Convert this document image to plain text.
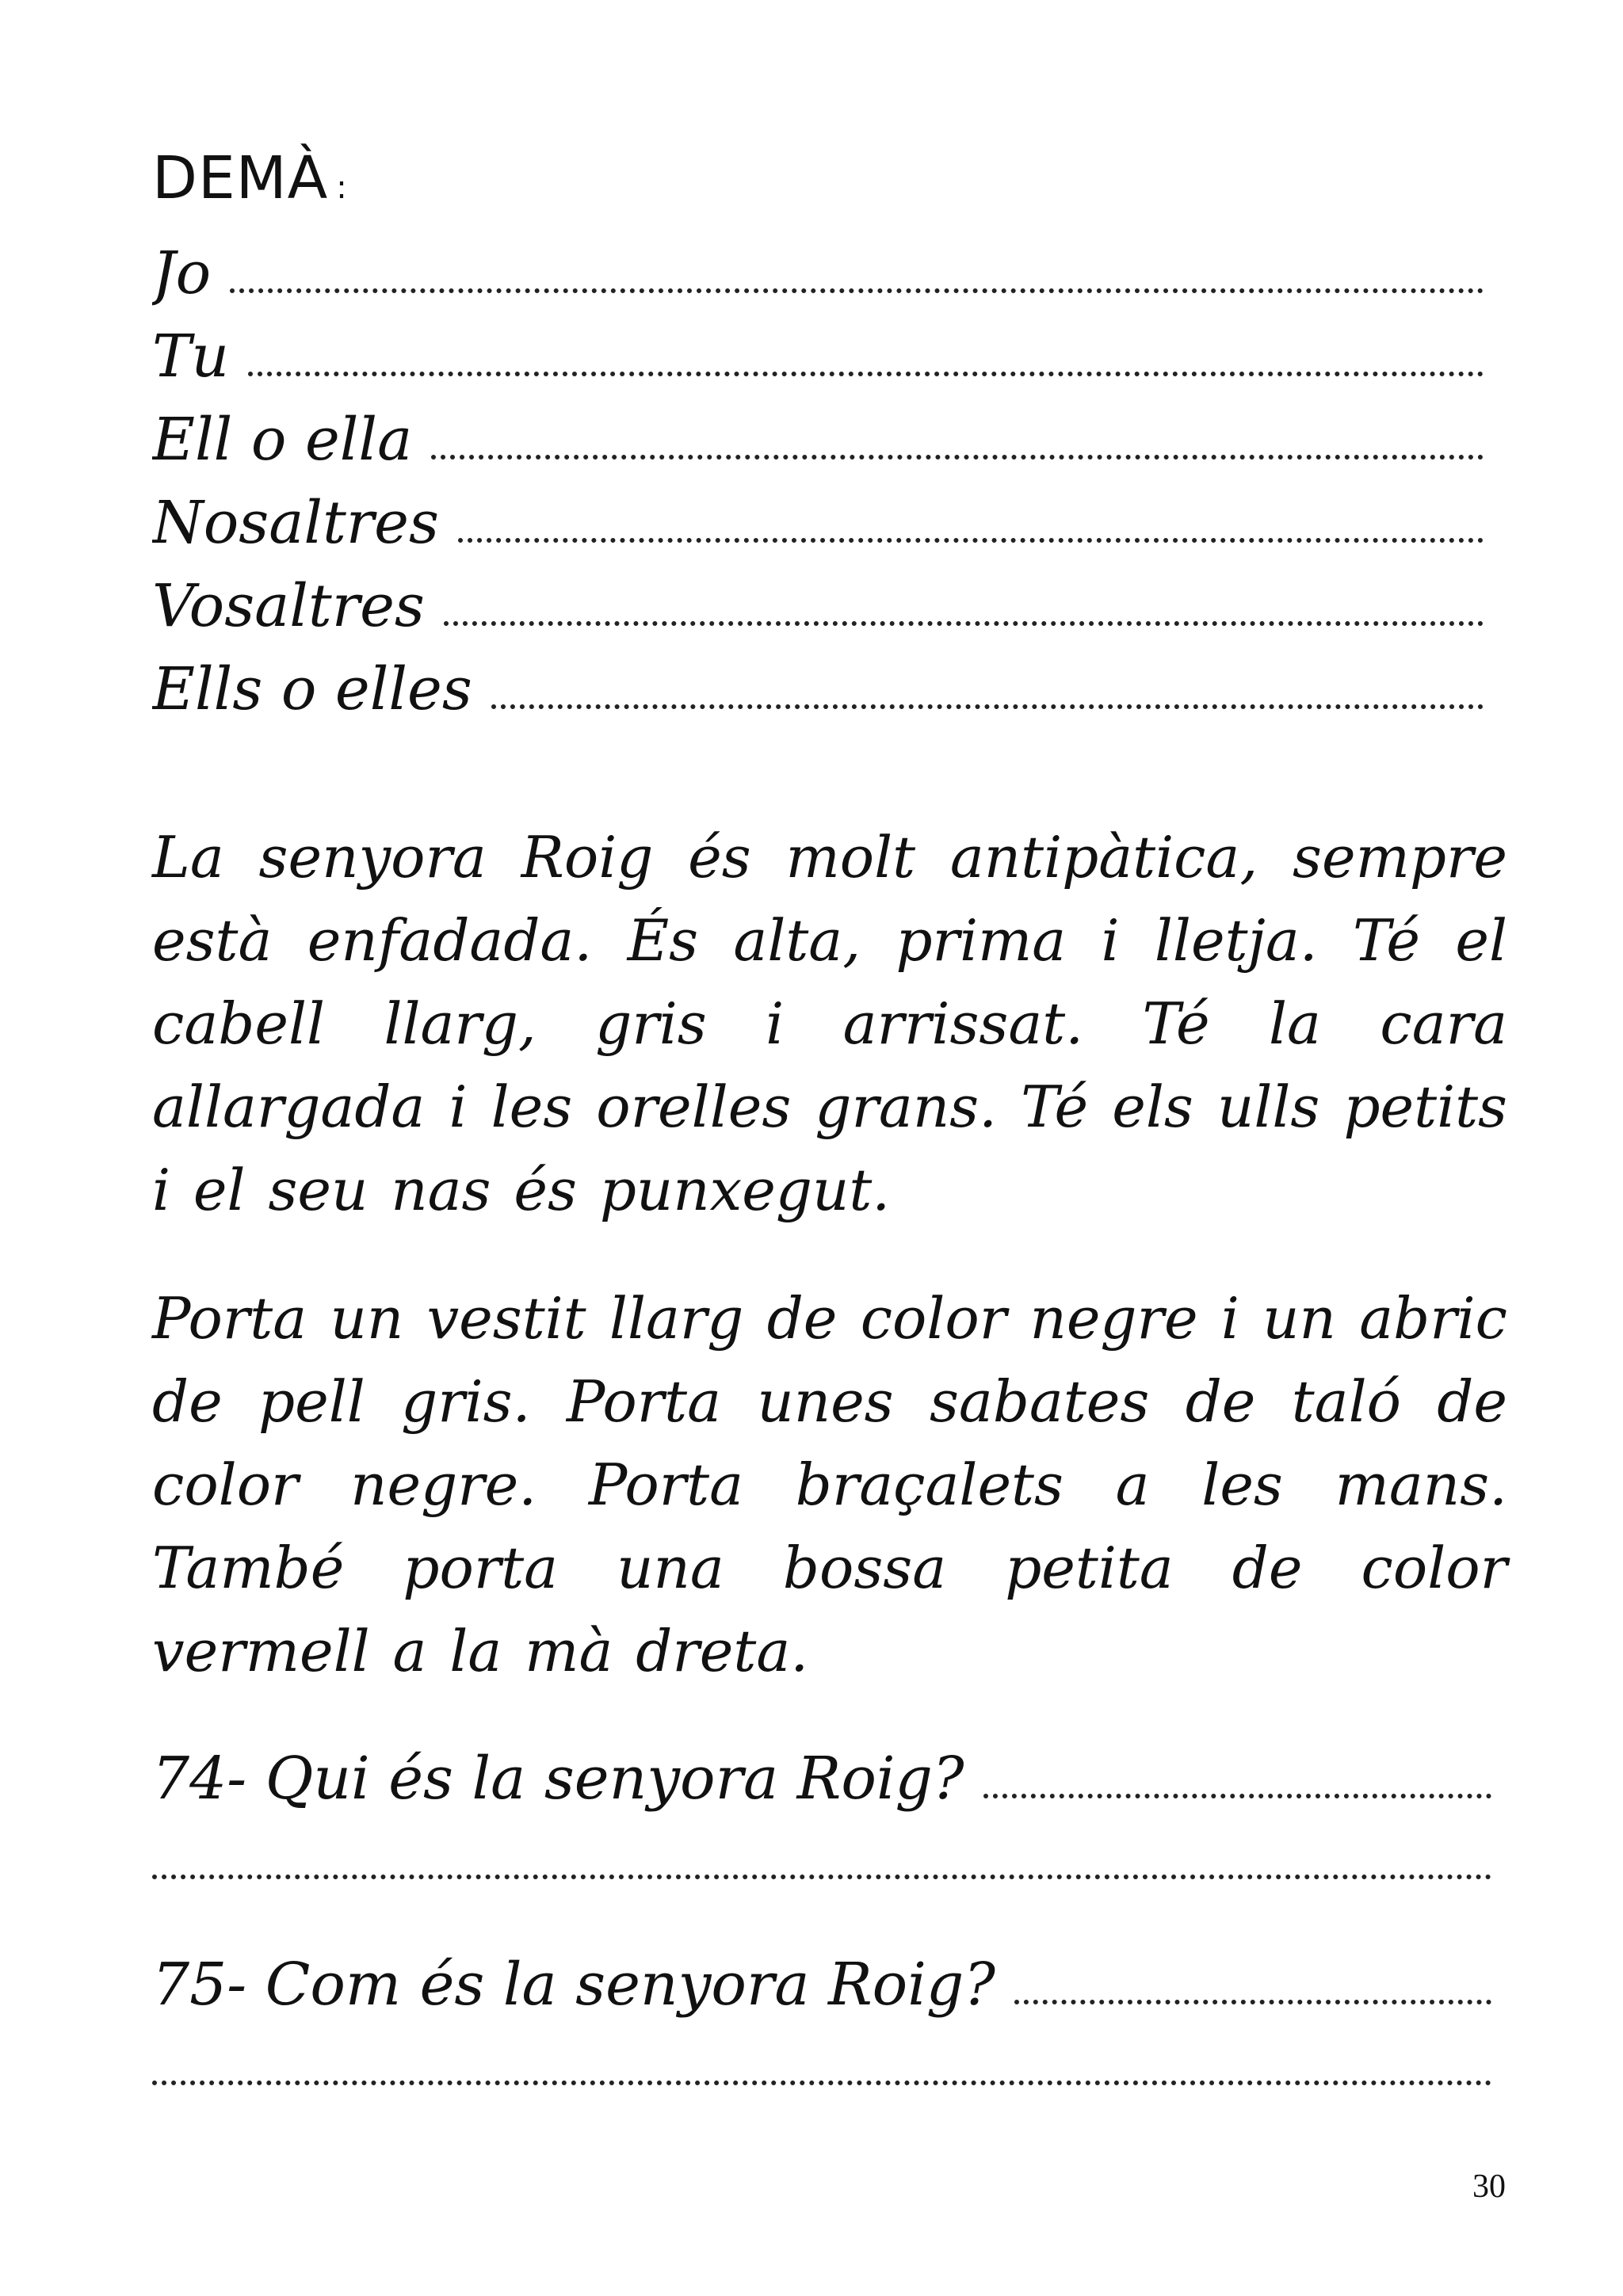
DEMÀ :
Jo
Tu
Ell o ella
Nosaltres
Vosaltres
Ells o elles

La senyora Roig és molt antipàtica, sempre està enfadada. És alta, prima i lletja. Té el cabell llarg, gris i arrissat. Té la cara allargada i les orelles grans. Té els ulls petits i el seu nas és punxegut.

Porta un vestit llarg de color negre i un abric de pell gris. Porta unes sabates de taló de color negre. Porta braçalets a les mans. També porta una bossa petita de color vermell a la mà dreta.

74- Qui és la senyora Roig?
75- Com és la senyora Roig?
30
